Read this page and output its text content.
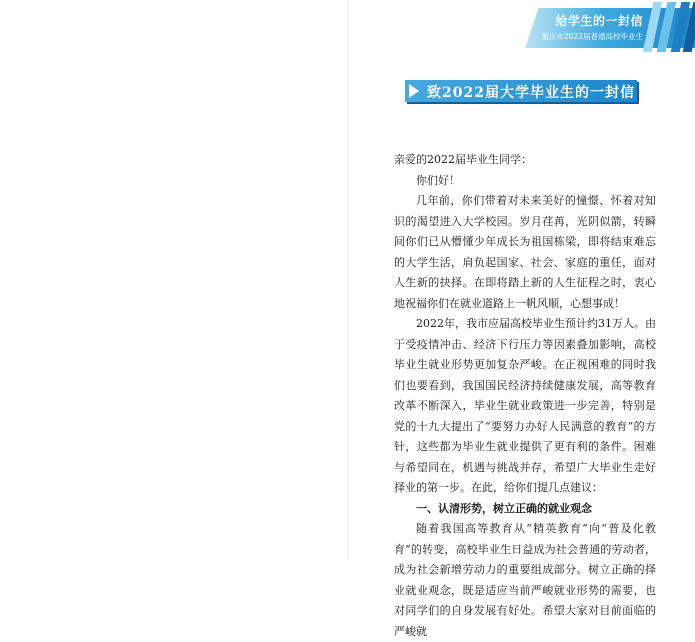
给学生的一封信
重庆市2022届普通高校毕业生
致2022届大学毕业生的一封信

亲爱的2022届毕业生同学：

你们好！

几年前，你们带着对未来美好的憧憬、怀着对知识的渴望进入大学校园。岁月荏苒，光阴似箭，转瞬间你们已从懵懂少年成长为祖国栋梁，即将结束难忘的大学生活，肩负起国家、社会、家庭的重任，面对人生新的抉择。在即将踏上新的人生征程之时，衷心地祝福你们在就业道路上一帆风顺，心想事成！

2022年，我市应届高校毕业生预计约31万人。由于受疫情冲击、经济下行压力等因素叠加影响，高校毕业生就业形势更加复杂严峻。在正视困难的同时我们也要看到，我国国民经济持续健康发展，高等教育改革不断深入，毕业生就业政策进一步完善，特别是党的十九大提出了“要努力办好人民满意的教育”的方针，这些都为毕业生就业提供了更有利的条件。困难与希望同在，机遇与挑战并存，希望广大毕业生走好择业的第一步。在此，给你们提几点建议：

一、认清形势，树立正确的就业观念

随着我国高等教育从“精英教育”向“普及化教育”的转变，高校毕业生日益成为社会普通的劳动者，成为社会新增劳动力的重要组成部分。树立正确的择业就业观念，既是适应当前严峻就业形势的需要，也对同学们的自身发展有好处。希望大家对目前面临的严峻就
